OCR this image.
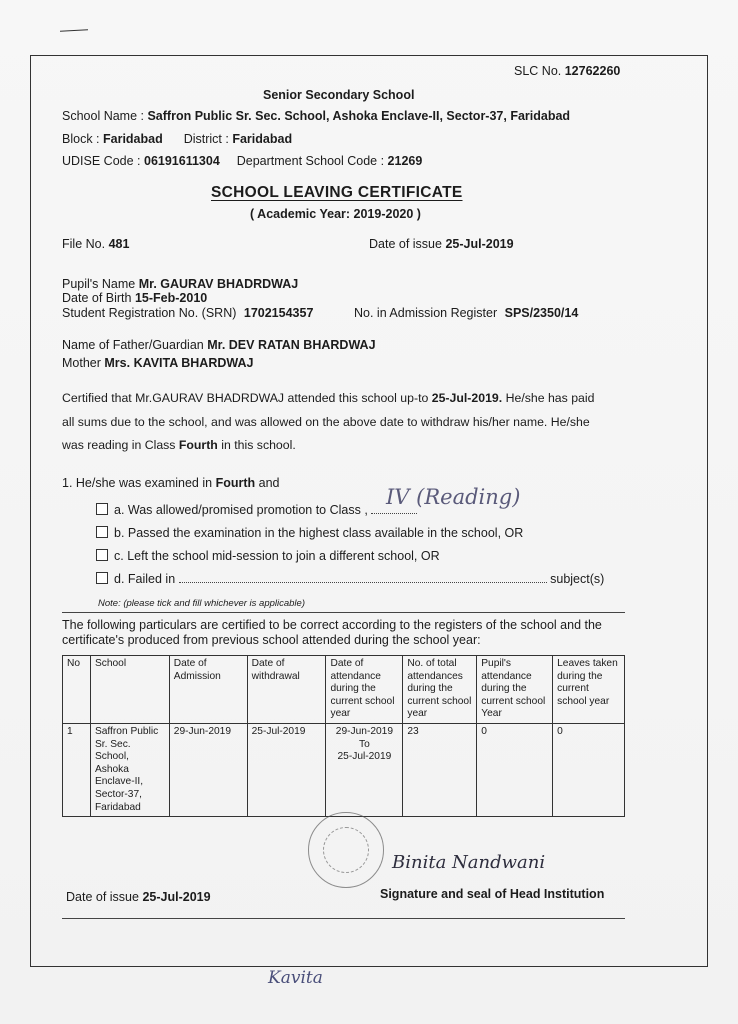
SLC No. 12762260
Senior Secondary School
School Name : Saffron Public Sr. Sec. School, Ashoka Enclave-II, Sector-37, Faridabad
Block : Faridabad District : Faridabad
UDISE Code : 06191611304 Department School Code : 21269
SCHOOL LEAVING CERTIFICATE
( Academic Year: 2019-2020 )
File No. 481	Date of issue 25-Jul-2019
Pupil's Name Mr. GAURAV BHADRDWAJ
Date of Birth 15-Feb-2010
Student Registration No. (SRN) 1702154357	No. in Admission Register SPS/2350/14
Name of Father/Guardian Mr. DEV RATAN BHARDWAJ
Mother Mrs. KAVITA BHARDWAJ
Certified that Mr.GAURAV BHADRDWAJ attended this school up-to 25-Jul-2019. He/she has paid
all sums due to the school, and was allowed on the above date to withdraw his/her name. He/she
was reading in Class Fourth in this school.
1. He/she was examined in Fourth and
a. Was allowed/promised promotion to Class ,
IV (Reading)
b. Passed the examination in the highest class available in the school, OR
c. Left the school mid-session to join a different school, OR
d. Failed in	subject(s)
Note: (please tick and fill whichever is applicable)
The following particulars are certified to be correct according to the registers of the school and the
certificate's produced from previous school attended during the school year:
No	School	Date of Admission	Date of withdrawal	Date of attendance during the current school year	No. of total attendances during the current school year	Pupil's attendance during the current school Year	Leaves taken during the current school year
1	Saffron Public Sr. Sec. School, Ashoka Enclave-II, Sector-37, Faridabad	29-Jun-2019	25-Jul-2019	29-Jun-2019
To
25-Jul-2019	23	0	0
Binita Nandwani
Date of issue 25-Jul-2019	Signature and seal of Head Institution
Kavita
